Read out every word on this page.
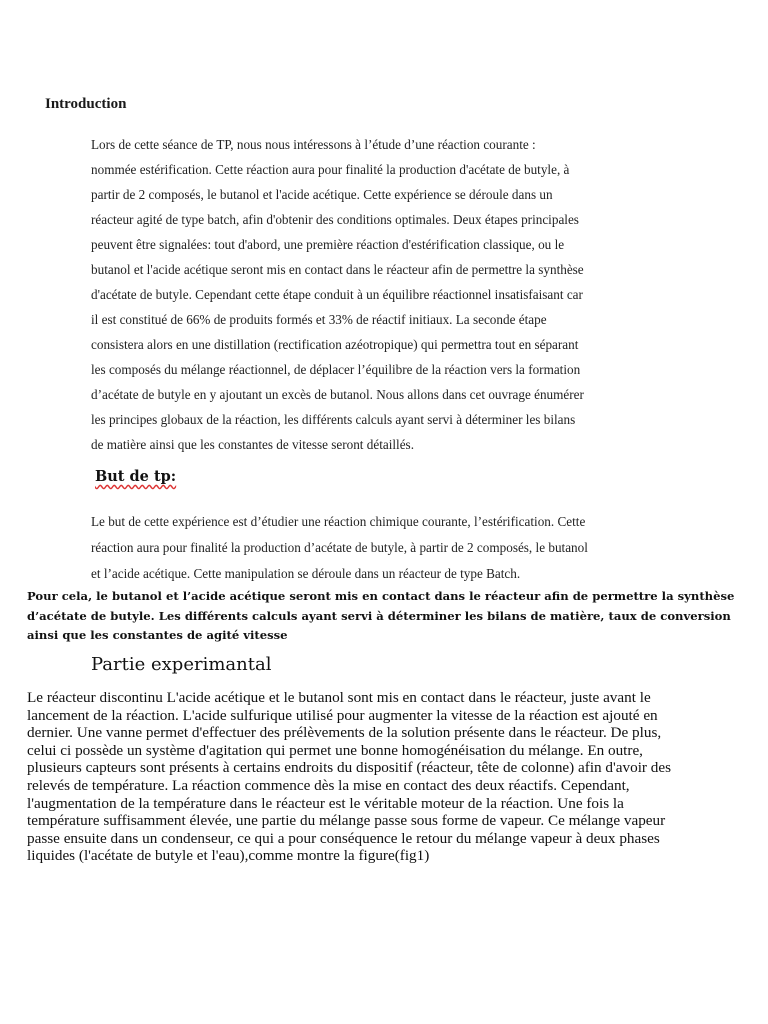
Introduction
Lors de cette séance de TP, nous nous intéressons à l’étude d’une réaction courante :
nommée estérification. Cette réaction aura pour finalité la production d'acétate de butyle, à
partir de 2 composés, le butanol et l'acide acétique. Cette expérience se déroule dans un
réacteur agité de type batch, afin d'obtenir des conditions optimales. Deux étapes principales
peuvent être signalées: tout d'abord, une première réaction d'estérification classique, ou le
butanol et l'acide acétique seront mis en contact dans le réacteur afin de permettre la synthèse
d'acétate de butyle. Cependant cette étape conduit à un équilibre réactionnel insatisfaisant car
il est constitué de 66% de produits formés et 33% de réactif initiaux. La seconde étape
consistera alors en une distillation (rectification azéotropique) qui permettra tout en séparant
les composés du mélange réactionnel, de déplacer l’équilibre de la réaction vers la formation
d’acétate de butyle en y ajoutant un excès de butanol. Nous allons dans cet ouvrage énumérer
les principes globaux de la réaction, les différents calculs ayant servi à déterminer les bilans
de matière ainsi que les constantes de vitesse seront détaillés.
But de tp:
Le but de cette expérience est d’étudier une réaction chimique courante, l’estérification. Cette
réaction aura pour finalité la production d’acétate de butyle, à partir de 2 composés, le butanol
et l’acide acétique. Cette manipulation se déroule dans un réacteur de type Batch.
Pour cela, le butanol et l’acide acétique seront mis en contact dans le réacteur afin de permettre la synthèse
d’acétate de butyle. Les différents calculs ayant servi à déterminer les bilans de matière, taux de conversion
ainsi que les constantes de agité vitesse
Partie experimantal
Le réacteur discontinu L'acide acétique et le butanol sont mis en contact dans le réacteur, juste avant le
lancement de la réaction. L'acide sulfurique utilisé pour augmenter la vitesse de la réaction est ajouté en
dernier. Une vanne permet d'effectuer des prélèvements de la solution présente dans le réacteur. De plus,
celui ci possède un système d'agitation qui permet une bonne homogénéisation du mélange. En outre,
plusieurs capteurs sont présents à certains endroits du dispositif (réacteur, tête de colonne) afin d'avoir des
relevés de température. La réaction commence dès la mise en contact des deux réactifs. Cependant,
l'augmentation de la température dans le réacteur est le véritable moteur de la réaction. Une fois la
température suffisamment élevée, une partie du mélange passe sous forme de vapeur. Ce mélange vapeur
passe ensuite dans un condenseur, ce qui a pour conséquence le retour du mélange vapeur à deux phases
liquides (l'acétate de butyle et l'eau),comme montre la figure(fig1)
